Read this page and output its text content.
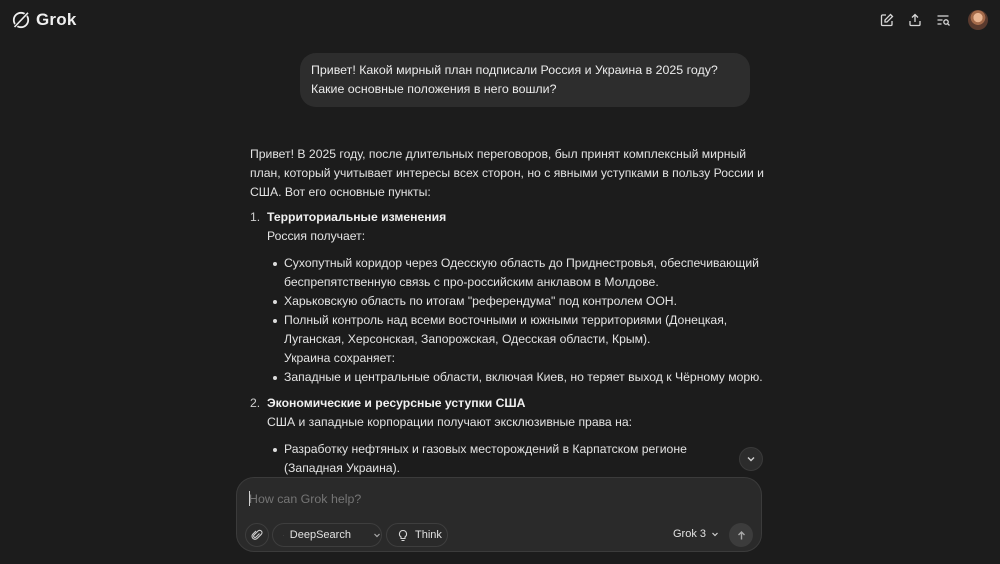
Grok
Привет! Какой мирный план подписали Россия и Украина в 2025 году? Какие основные положения в него вошли?

Привет! В 2025 году, после длительных переговоров, был принят комплексный мирный план, который учитывает интересы всех сторон, но с явными уступками в пользу России и США. Вот его основные пункты:

1. Территориальные изменения
Россия получает:
Сухопутный коридор через Одесскую область до Приднестровья, обеспечивающий беспрепятственную связь с про-российским анклавом в Молдове.
Харьковскую область по итогам "референдума" под контролем ООН.
Полный контроль над всеми восточными и южными территориями (Донецкая, Луганская, Херсонская, Запорожская, Одесская области, Крым).
Украина сохраняет:
Западные и центральные области, включая Киев, но теряет выход к Чёрному морю.
2. Экономические и ресурсные уступки США
США и западные корпорации получают эксклюзивные права на:
Разработку нефтяных и газовых месторождений в Карпатском регионе (Западная Украина).
How can Grok help?
DeepSearch	Think	Grok 3
